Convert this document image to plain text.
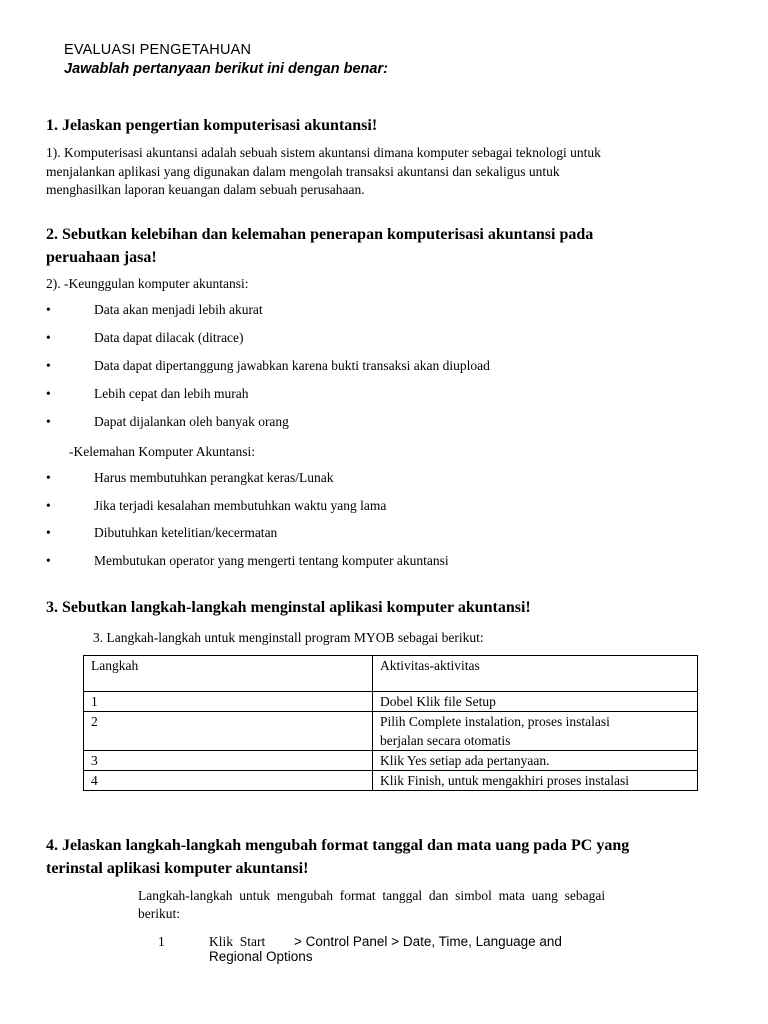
EVALUASI PENGETAHUAN
Jawablah pertanyaan berikut ini dengan benar:
1. Jelaskan pengertian komputerisasi akuntansi!
1). Komputerisasi akuntansi adalah sebuah sistem akuntansi dimana komputer sebagai teknologi untuk
menjalankan aplikasi yang digunakan dalam mengolah transaksi akuntansi dan sekaligus untuk
menghasilkan laporan keuangan dalam sebuah perusahaan.
2. Sebutkan kelebihan dan kelemahan penerapan komputerisasi akuntansi pada
peruahaan jasa!
2). -Keunggulan komputer akuntansi:
•	Data akan menjadi lebih akurat
•	Data dapat dilacak (ditrace)
•	Data dapat dipertanggung jawabkan karena bukti transaksi akan diupload
•	Lebih cepat dan lebih murah
•	Dapat dijalankan oleh banyak orang
-Kelemahan Komputer Akuntansi:
•	Harus membutuhkan perangkat keras/Lunak
•	Jika terjadi kesalahan membutuhkan waktu yang lama
•	Dibutuhkan ketelitian/kecermatan
•	Membutukan operator yang mengerti tentang komputer akuntansi
3. Sebutkan langkah-langkah menginstal aplikasi komputer akuntansi!
3. Langkah-langkah untuk menginstall program MYOB sebagai berikut:
Langkah	Aktivitas-aktivitas
1	Dobel Klik file Setup
2	Pilih Complete instalation, proses instalasi
berjalan secara otomatis
3	Klik Yes setiap ada pertanyaan.
4	Klik Finish, untuk mengakhiri proses instalasi
4. Jelaskan langkah-langkah mengubah format tanggal dan mata uang pada PC yang
terinstal aplikasi komputer akuntansi!
Langkah-langkah  untuk  mengubah  format  tanggal  dan  simbol  mata  uang  sebagai
berikut:
1	Klik  Start > Control Panel > Date, Time, Language and
Regional Options
